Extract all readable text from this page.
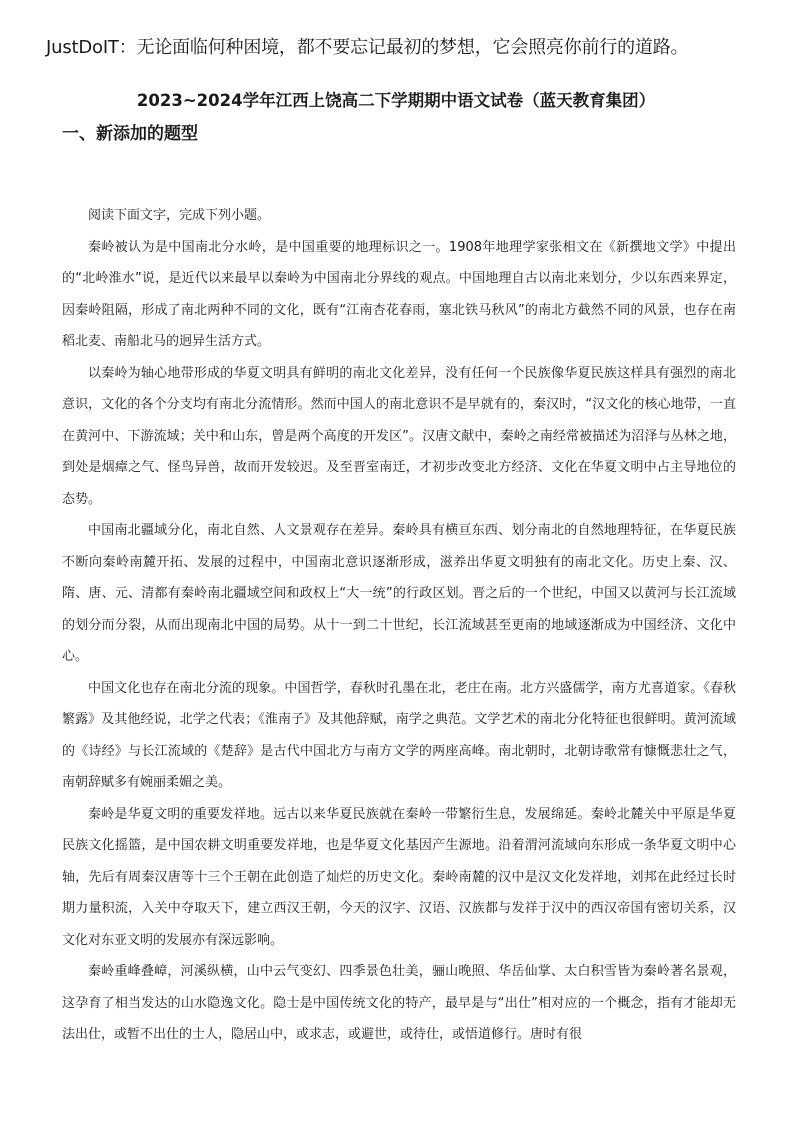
JustDoIT：无论面临何种困境，都不要忘记最初的梦想，它会照亮你前行的道路。
2023~2024学年江西上饶高二下学期期中语文试卷（蓝天教育集团）
一、新添加的题型

阅读下面文字，完成下列小题。

秦岭被认为是中国南北分水岭，是中国重要的地理标识之一。1908年地理学家张相文在《新撰地文学》中提出的“北岭淮水”说，是近代以来最早以秦岭为中国南北分界线的观点。中国地理自古以南北来划分，少以东西来界定，因秦岭阻隔，形成了南北两种不同的文化，既有“江南杏花春雨，塞北铁马秋风”的南北方截然不同的风景，也存在南稻北麦、南船北马的迥异生活方式。

以秦岭为轴心地带形成的华夏文明具有鲜明的南北文化差异，没有任何一个民族像华夏民族这样具有强烈的南北意识，文化的各个分支均有南北分流情形。然而中国人的南北意识不是早就有的，秦汉时，“汉文化的核心地带，一直在黄河中、下游流域；关中和山东，曾是两个高度的开发区”。汉唐文献中，秦岭之南经常被描述为沼泽与丛林之地，到处是烟瘴之气、怪鸟异兽，故而开发较迟。及至晋室南迁，才初步改变北方经济、文化在华夏文明中占主导地位的态势。

中国南北疆域分化，南北自然、人文景观存在差异。秦岭具有横亘东西、划分南北的自然地理特征，在华夏民族不断向秦岭南麓开拓、发展的过程中，中国南北意识逐渐形成，滋养出华夏文明独有的南北文化。历史上秦、汉、隋、唐、元、清都有秦岭南北疆域空间和政权上“大一统”的行政区划。晋之后的一个世纪，中国又以黄河与长江流域的划分而分裂，从而出现南北中国的局势。从十一到二十世纪，长江流域甚至更南的地域逐渐成为中国经济、文化中心。

中国文化也存在南北分流的现象。中国哲学，春秋时孔墨在北，老庄在南。北方兴盛儒学，南方尤喜道家。《春秋繁露》及其他经说，北学之代表；《淮南子》及其他辞赋，南学之典范。文学艺术的南北分化特征也很鲜明。黄河流域的《诗经》与长江流域的《楚辞》是古代中国北方与南方文学的两座高峰。南北朝时，北朝诗歌常有慷慨悲壮之气，南朝辞赋多有婉丽柔媚之美。

秦岭是华夏文明的重要发祥地。远古以来华夏民族就在秦岭一带繁衍生息，发展绵延。秦岭北麓关中平原是华夏民族文化摇篮，是中国农耕文明重要发祥地，也是华夏文化基因产生源地。沿着渭河流域向东形成一条华夏文明中心轴，先后有周秦汉唐等十三个王朝在此创造了灿烂的历史文化。秦岭南麓的汉中是汉文化发祥地，刘邦在此经过长时期力量积流，入关中夺取天下，建立西汉王朝，今天的汉字、汉语、汉族都与发祥于汉中的西汉帝国有密切关系，汉文化对东亚文明的发展亦有深远影响。

秦岭重峰叠嶂，河溪纵横，山中云气变幻、四季景色壮美，骊山晚照、华岳仙掌、太白积雪皆为秦岭著名景观，这孕育了相当发达的山水隐逸文化。隐士是中国传统文化的特产，最早是与“出仕”相对应的一个概念，指有才能却无法出仕，或暂不出仕的士人，隐居山中，或求志，或避世，或待仕，或悟道修行。唐时有很
